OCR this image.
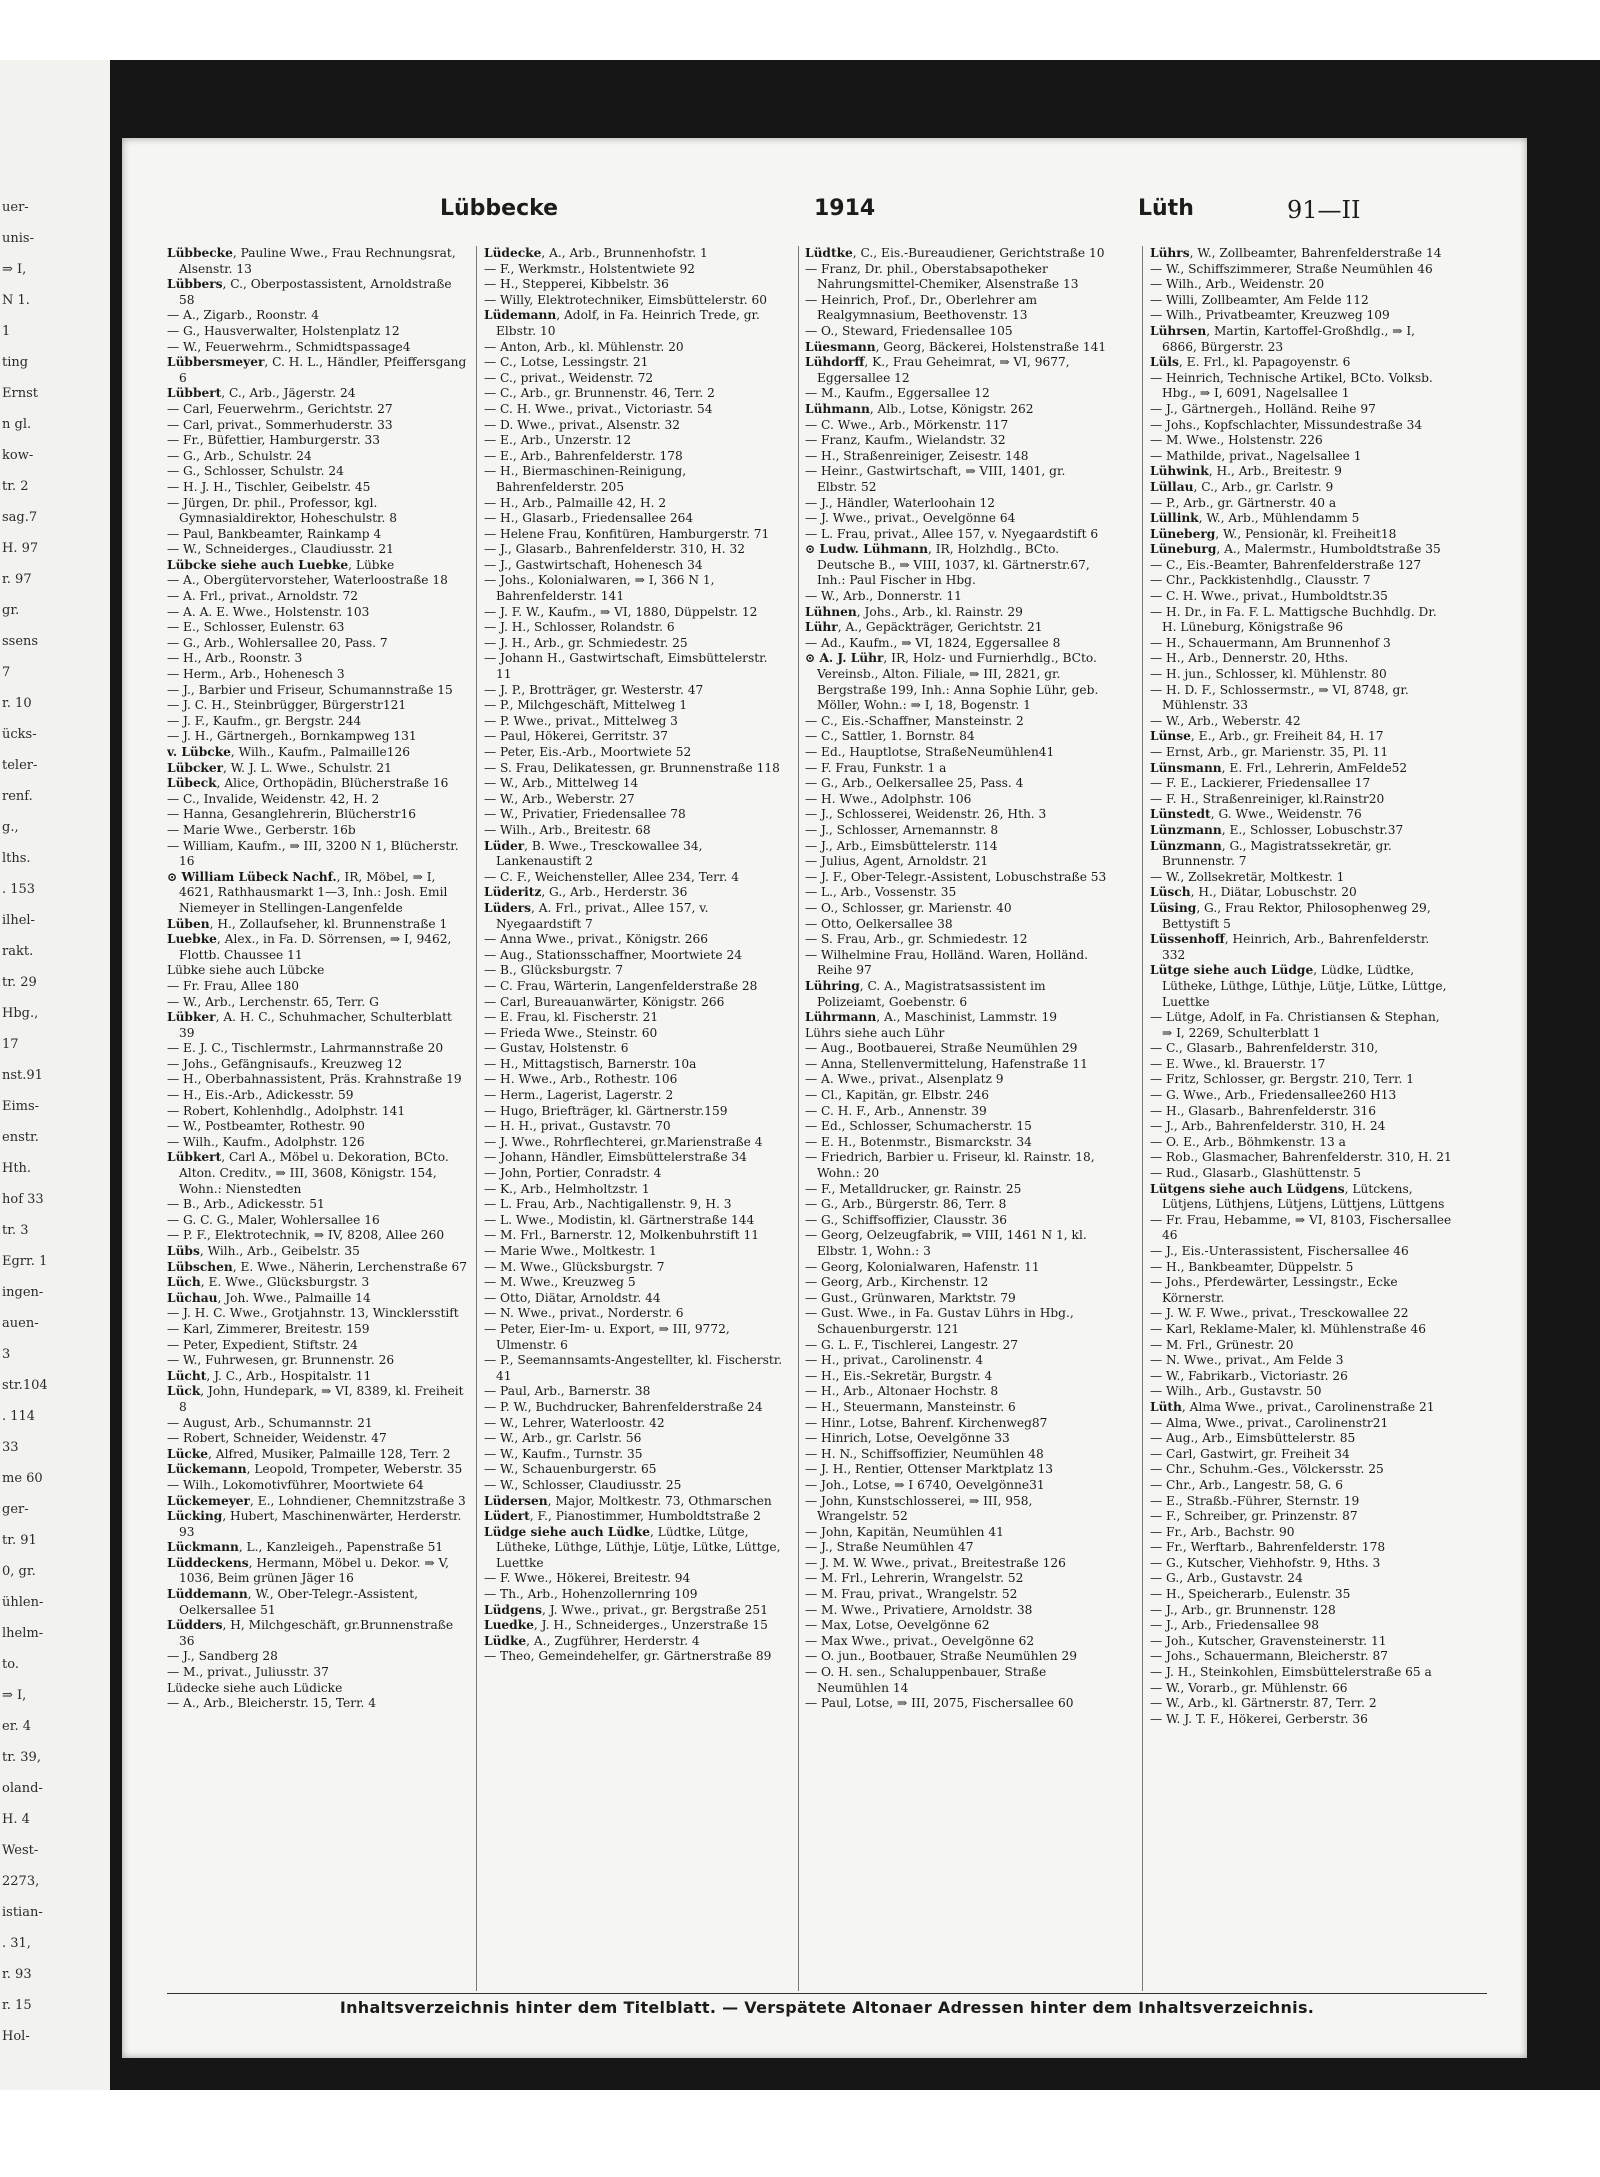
uer-
unis-
⇒ I,
N 1.
1
ting
Ernst
n gl.
kow-
tr. 2
sag.7
H. 97
r. 97
gr.
ssens
7
r. 10
ücks-
teler-
renf.
g.,
lths.
. 153
ilhel-
rakt.
tr. 29
Hbg.,
17
nst.91
Eims-
enstr.
Hth.
hof 33
tr. 3
Egrr. 1
ingen-
auen-
3
str.104
. 114
33
me 60
ger-
tr. 91
0, gr.
ühlen-
lhelm-
to.
⇒ I,
er. 4
tr. 39,
oland-
H. 4
West-
2273,
istian-
. 31,
r. 93
r. 15
Hol-
Lübbecke	1914	Lüth	91—II

Lübbecke, Pauline Wwe., Frau Rechnungsrat, Alsenstr. 13

Lübbers, C., Oberpostassistent, Arnoldstraße 58

— A., Zigarb., Roonstr. 4

— G., Hausverwalter, Holstenplatz 12

— W., Feuerwehrm., Schmidtspassage4

Lübbersmeyer, C. H. L., Händler, Pfeiffersgang 6

Lübbert, C., Arb., Jägerstr. 24

— Carl, Feuerwehrm., Gerichtstr. 27

— Carl, privat., Sommerhuderstr. 33

— Fr., Büfettier, Hamburgerstr. 33

— G., Arb., Schulstr. 24

— G., Schlosser, Schulstr. 24

— H. J. H., Tischler, Geibelstr. 45

— Jürgen, Dr. phil., Professor, kgl. Gymnasialdirektor, Hoheschulstr. 8

— Paul, Bankbeamter, Rainkamp 4

— W., Schneiderges., Claudiusstr. 21

Lübcke siehe auch Luebke, Lübke

— A., Obergütervorsteher, Waterloostraße 18

— A. Frl., privat., Arnoldstr. 72

— A. A. E. Wwe., Holstenstr. 103

— E., Schlosser, Eulenstr. 63

— G., Arb., Wohlersallee 20, Pass. 7

— H., Arb., Roonstr. 3

— Herm., Arb., Hohenesch 3

— J., Barbier und Friseur, Schumannstraße 15

— J. C. H., Steinbrügger, Bürgerstr121

— J. F., Kaufm., gr. Bergstr. 244

— J. H., Gärtnergeh., Bornkampweg 131

v. Lübcke, Wilh., Kaufm., Palmaille126

Lübcker, W. J. L. Wwe., Schulstr. 21

Lübeck, Alice, Orthopädin, Blücherstraße 16

— C., Invalide, Weidenstr. 42, H. 2

— Hanna, Gesanglehrerin, Blücherstr16

— Marie Wwe., Gerberstr. 16b

— William, Kaufm., ⇒ III, 3200 N 1, Blücherstr. 16

⊙ William Lübeck Nachf., IR, Möbel, ⇒ I, 4621, Rathhausmarkt 1—3, Inh.: Josh. Emil Niemeyer in Stellingen-Langenfelde

Lüben, H., Zollaufseher, kl. Brunnenstraße 1

Luebke, Alex., in Fa. D. Sörrensen, ⇒ I, 9462, Flottb. Chaussee 11

Lübke siehe auch Lübcke

— Fr. Frau, Allee 180

— W., Arb., Lerchenstr. 65, Terr. G

Lübker, A. H. C., Schuhmacher, Schulterblatt 39

— E. J. C., Tischlermstr., Lahrmannstraße 20

— Johs., Gefängnisaufs., Kreuzweg 12

— H., Oberbahnassistent, Präs. Krahnstraße 19

— H., Eis.-Arb., Adickesstr. 59

— Robert, Kohlenhdlg., Adolphstr. 141

— W., Postbeamter, Rothestr. 90

— Wilh., Kaufm., Adolphstr. 126

Lübkert, Carl A., Möbel u. Dekoration, BCto. Alton. Creditv., ⇒ III, 3608, Königstr. 154, Wohn.: Nienstedten

— B., Arb., Adickesstr. 51

— G. C. G., Maler, Wohlersallee 16

— P. F., Elektrotechnik, ⇒ IV, 8208, Allee 260

Lübs, Wilh., Arb., Geibelstr. 35

Lübschen, E. Wwe., Näherin, Lerchenstraße 67

Lüch, E. Wwe., Glücksburgstr. 3

Lüchau, Joh. Wwe., Palmaille 14

— J. H. C. Wwe., Grotjahnstr. 13, Wincklersstift

— Karl, Zimmerer, Breitestr. 159

— Peter, Expedient, Stiftstr. 24

— W., Fuhrwesen, gr. Brunnenstr. 26

Lücht, J. C., Arb., Hospitalstr. 11

Lück, John, Hundepark, ⇒ VI, 8389, kl. Freiheit 8

— August, Arb., Schumannstr. 21

— Robert, Schneider, Weidenstr. 47

Lücke, Alfred, Musiker, Palmaille 128, Terr. 2

Lückemann, Leopold, Trompeter, Weberstr. 35

— Wilh., Lokomotivführer, Moortwiete 64

Lückemeyer, E., Lohndiener, Chemnitzstraße 3

Lücking, Hubert, Maschinenwärter, Herderstr. 93

Lückmann, L., Kanzleigeh., Papenstraße 51

Lüddeckens, Hermann, Möbel u. Dekor. ⇒ V, 1036, Beim grünen Jäger 16

Lüddemann, W., Ober-Telegr.-Assistent, Oelkersallee 51

Lüdders, H, Milchgeschäft, gr.Brunnenstraße 36

— J., Sandberg 28

— M., privat., Juliusstr. 37

Lüdecke siehe auch Lüdicke

— A., Arb., Bleicherstr. 15, Terr. 4

Lüdecke, A., Arb., Brunnenhofstr. 1

— F., Werkmstr., Holstentwiete 92

— H., Stepperei, Kibbelstr. 36

— Willy, Elektrotechniker, Eimsbüttelerstr. 60

Lüdemann, Adolf, in Fa. Heinrich Trede, gr. Elbstr. 10

— Anton, Arb., kl. Mühlenstr. 20

— C., Lotse, Lessingstr. 21

— C., privat., Weidenstr. 72

— C., Arb., gr. Brunnenstr. 46, Terr. 2

— C. H. Wwe., privat., Victoriastr. 54

— D. Wwe., privat., Alsenstr. 32

— E., Arb., Unzerstr. 12

— E., Arb., Bahrenfelderstr. 178

— H., Biermaschinen-Reinigung, Bahrenfelderstr. 205

— H., Arb., Palmaille 42, H. 2

— H., Glasarb., Friedensallee 264

— Helene Frau, Konfitüren, Hamburgerstr. 71

— J., Glasarb., Bahrenfelderstr. 310, H. 32

— J., Gastwirtschaft, Hohenesch 34

— Johs., Kolonialwaren, ⇒ I, 366 N 1, Bahrenfelderstr. 141

— J. F. W., Kaufm., ⇒ VI, 1880, Düppelstr. 12

— J. H., Schlosser, Rolandstr. 6

— J. H., Arb., gr. Schmiedestr. 25

— Johann H., Gastwirtschaft, Eimsbüttelerstr. 11

— J. P., Brotträger, gr. Westerstr. 47

— P., Milchgeschäft, Mittelweg 1

— P. Wwe., privat., Mittelweg 3

— Paul, Hökerei, Gerritstr. 37

— Peter, Eis.-Arb., Moortwiete 52

— S. Frau, Delikatessen, gr. Brunnenstraße 118

— W., Arb., Mittelweg 14

— W., Arb., Weberstr. 27

— W., Privatier, Friedensallee 78

— Wilh., Arb., Breitestr. 68

Lüder, B. Wwe., Tresckowallee 34, Lankenaustift 2

— C. F., Weichensteller, Allee 234, Terr. 4

Lüderitz, G., Arb., Herderstr. 36

Lüders, A. Frl., privat., Allee 157, v. Nyegaardstift 7

— Anna Wwe., privat., Königstr. 266

— Aug., Stationsschaffner, Moortwiete 24

— B., Glücksburgstr. 7

— C. Frau, Wärterin, Langenfelderstraße 28

— Carl, Bureauanwärter, Königstr. 266

— E. Frau, kl. Fischerstr. 21

— Frieda Wwe., Steinstr. 60

— Gustav, Holstenstr. 6

— H., Mittagstisch, Barnerstr. 10a

— H. Wwe., Arb., Rothestr. 106

— Herm., Lagerist, Lagerstr. 2

— Hugo, Briefträger, kl. Gärtnerstr.159

— H. H., privat., Gustavstr. 70

— J. Wwe., Rohrflechterei, gr.Marienstraße 4

— Johann, Händler, Eimsbüttelerstraße 34

— John, Portier, Conradstr. 4

— K., Arb., Helmholtzstr. 1

— L. Frau, Arb., Nachtigallenstr. 9, H. 3

— L. Wwe., Modistin, kl. Gärtnerstraße 144

— M. Frl., Barnerstr. 12, Molkenbuhrstift 11

— Marie Wwe., Moltkestr. 1

— M. Wwe., Glücksburgstr. 7

— M. Wwe., Kreuzweg 5

— Otto, Diätar, Arnoldstr. 44

— N. Wwe., privat., Norderstr. 6

— Peter, Eier-Im- u. Export, ⇒ III, 9772, Ulmenstr. 6

— P., Seemannsamts-Angestellter, kl. Fischerstr. 41

— Paul, Arb., Barnerstr. 38

— P. W., Buchdrucker, Bahrenfelderstraße 24

— W., Lehrer, Waterloostr. 42

— W., Arb., gr. Carlstr. 56

— W., Kaufm., Turnstr. 35

— W., Schauenburgerstr. 65

— W., Schlosser, Claudiusstr. 25

Lüdersen, Major, Moltkestr. 73, Othmarschen

Lüdert, F., Pianostimmer, Humboldtstraße 2

Lüdge siehe auch Lüdke, Lüdtke, Lütge, Lütheke, Lüthge, Lüthje, Lütje, Lütke, Lüttge, Luettke

— F. Wwe., Hökerei, Breitestr. 94

— Th., Arb., Hohenzollernring 109

Lüdgens, J. Wwe., privat., gr. Bergstraße 251

Luedke, J. H., Schneiderges., Unzerstraße 15

Lüdke, A., Zugführer, Herderstr. 4

— Theo, Gemeindehelfer, gr. Gärtnerstraße 89

Lüdtke, C., Eis.-Bureaudiener, Gerichtstraße 10

— Franz, Dr. phil., Oberstabsapotheker Nahrungsmittel-Chemiker, Alsenstraße 13

— Heinrich, Prof., Dr., Oberlehrer am Realgymnasium, Beethovenstr. 13

— O., Steward, Friedensallee 105

Lüesmann, Georg, Bäckerei, Holstenstraße 141

Lühdorff, K., Frau Geheimrat, ⇒ VI, 9677, Eggersallee 12

— M., Kaufm., Eggersallee 12

Lühmann, Alb., Lotse, Königstr. 262

— C. Wwe., Arb., Mörkenstr. 117

— Franz, Kaufm., Wielandstr. 32

— H., Straßenreiniger, Zeisestr. 148

— Heinr., Gastwirtschaft, ⇒ VIII, 1401, gr. Elbstr. 52

— J., Händler, Waterloohain 12

— J. Wwe., privat., Oevelgönne 64

— L. Frau, privat., Allee 157, v. Nyegaardstift 6

⊙ Ludw. Lühmann, IR, Holzhdlg., BCto. Deutsche B., ⇒ VIII, 1037, kl. Gärtnerstr.67, Inh.: Paul Fischer in Hbg.

— W., Arb., Donnerstr. 11

Lühnen, Johs., Arb., kl. Rainstr. 29

Lühr, A., Gepäckträger, Gerichtstr. 21

— Ad., Kaufm., ⇒ VI, 1824, Eggersallee 8

⊙ A. J. Lühr, IR, Holz- und Furnierhdlg., BCto. Vereinsb., Alton. Filiale, ⇒ III, 2821, gr. Bergstraße 199, Inh.: Anna Sophie Lühr, geb. Möller, Wohn.: ⇒ I, 18, Bogenstr. 1

— C., Eis.-Schaffner, Mansteinstr. 2

— C., Sattler, 1. Bornstr. 84

— Ed., Hauptlotse, StraßeNeumühlen41

— F. Frau, Funkstr. 1 a

— G., Arb., Oelkersallee 25, Pass. 4

— H. Wwe., Adolphstr. 106

— J., Schlosserei, Weidenstr. 26, Hth. 3

— J., Schlosser, Arnemannstr. 8

— J., Arb., Eimsbüttelerstr. 114

— Julius, Agent, Arnoldstr. 21

— J. F., Ober-Telegr.-Assistent, Lobuschstraße 53

— L., Arb., Vossenstr. 35

— O., Schlosser, gr. Marienstr. 40

— Otto, Oelkersallee 38

— S. Frau, Arb., gr. Schmiedestr. 12

— Wilhelmine Frau, Holländ. Waren, Holländ. Reihe 97

Lühring, C. A., Magistratsassistent im Polizeiamt, Goebenstr. 6

Lührmann, A., Maschinist, Lammstr. 19

Lührs siehe auch Lühr

— Aug., Bootbauerei, Straße Neumühlen 29

— Anna, Stellenvermittelung, Hafenstraße 11

— A. Wwe., privat., Alsenplatz 9

— Cl., Kapitän, gr. Elbstr. 246

— C. H. F., Arb., Annenstr. 39

— Ed., Schlosser, Schumacherstr. 15

— E. H., Botenmstr., Bismarckstr. 34

— Friedrich, Barbier u. Friseur, kl. Rainstr. 18, Wohn.: 20

— F., Metalldrucker, gr. Rainstr. 25

— G., Arb., Bürgerstr. 86, Terr. 8

— G., Schiffsoffizier, Clausstr. 36

— Georg, Oelzeugfabrik, ⇒ VIII, 1461 N 1, kl. Elbstr. 1, Wohn.: 3

— Georg, Kolonialwaren, Hafenstr. 11

— Georg, Arb., Kirchenstr. 12

— Gust., Grünwaren, Marktstr. 79

— Gust. Wwe., in Fa. Gustav Lührs in Hbg., Schauenburgerstr. 121

— G. L. F., Tischlerei, Langestr. 27

— H., privat., Carolinenstr. 4

— H., Eis.-Sekretär, Burgstr. 4

— H., Arb., Altonaer Hochstr. 8

— H., Steuermann, Mansteinstr. 6

— Hinr., Lotse, Bahrenf. Kirchenweg87

— Hinrich, Lotse, Oevelgönne 33

— H. N., Schiffsoffizier, Neumühlen 48

— J. H., Rentier, Ottenser Marktplatz 13

— Joh., Lotse, ⇒ I 6740, Oevelgönne31

— John, Kunstschlosserei, ⇒ III, 958, Wrangelstr. 52

— John, Kapitän, Neumühlen 41

— J., Straße Neumühlen 47

— J. M. W. Wwe., privat., Breitestraße 126

— M. Frl., Lehrerin, Wrangelstr. 52

— M. Frau, privat., Wrangelstr. 52

— M. Wwe., Privatiere, Arnoldstr. 38

— Max, Lotse, Oevelgönne 62

— Max Wwe., privat., Oevelgönne 62

— O. jun., Bootbauer, Straße Neumühlen 29

— O. H. sen., Schaluppenbauer, Straße Neumühlen 14

— Paul, Lotse, ⇒ III, 2075, Fischersallee 60

Lührs, W., Zollbeamter, Bahrenfelderstraße 14

— W., Schiffszimmerer, Straße Neumühlen 46

— Wilh., Arb., Weidenstr. 20

— Willi, Zollbeamter, Am Felde 112

— Wilh., Privatbeamter, Kreuzweg 109

Lührsen, Martin, Kartoffel-Großhdlg., ⇒ I, 6866, Bürgerstr. 23

Lüls, E. Frl., kl. Papagoyenstr. 6

— Heinrich, Technische Artikel, BCto. Volksb. Hbg., ⇒ I, 6091, Nagelsallee 1

— J., Gärtnergeh., Holländ. Reihe 97

— Johs., Kopfschlachter, Missundestraße 34

— M. Wwe., Holstenstr. 226

— Mathilde, privat., Nagelsallee 1

Lühwink, H., Arb., Breitestr. 9

Lüllau, C., Arb., gr. Carlstr. 9

— P., Arb., gr. Gärtnerstr. 40 a

Lüllink, W., Arb., Mühlendamm 5

Lüneberg, W., Pensionär, kl. Freiheit18

Lüneburg, A., Malermstr., Humboldtstraße 35

— C., Eis.-Beamter, Bahrenfelderstraße 127

— Chr., Packkistenhdlg., Clausstr. 7

— C. H. Wwe., privat., Humboldtstr.35

— H. Dr., in Fa. F. L. Mattigsche Buchhdlg. Dr. H. Lüneburg, Königstraße 96

— H., Schauermann, Am Brunnenhof 3

— H., Arb., Dennerstr. 20, Hths.

— H. jun., Schlosser, kl. Mühlenstr. 80

— H. D. F., Schlossermstr., ⇒ VI, 8748, gr. Mühlenstr. 33

— W., Arb., Weberstr. 42

Lünse, E., Arb., gr. Freiheit 84, H. 17

— Ernst, Arb., gr. Marienstr. 35, Pl. 11

Lünsmann, E. Frl., Lehrerin, AmFelde52

— F. E., Lackierer, Friedensallee 17

— F. H., Straßenreiniger, kl.Rainstr20

Lünstedt, G. Wwe., Weidenstr. 76

Lünzmann, E., Schlosser, Lobuschstr.37

Lünzmann, G., Magistratssekretär, gr. Brunnenstr. 7

— W., Zollsekretär, Moltkestr. 1

Lüsch, H., Diätar, Lobuschstr. 20

Lüsing, G., Frau Rektor, Philosophenweg 29, Bettystift 5

Lüssenhoff, Heinrich, Arb., Bahrenfelderstr. 332

Lütge siehe auch Lüdge, Lüdke, Lüdtke, Lütheke, Lüthge, Lüthje, Lütje, Lütke, Lüttge, Luettke

— Lütge, Adolf, in Fa. Christiansen & Stephan, ⇒ I, 2269, Schulterblatt 1

— C., Glasarb., Bahrenfelderstr. 310,

— E. Wwe., kl. Brauerstr. 17

— Fritz, Schlosser, gr. Bergstr. 210, Terr. 1

— G. Wwe., Arb., Friedensallee260 H13

— H., Glasarb., Bahrenfelderstr. 316

— J., Arb., Bahrenfelderstr. 310, H. 24

— O. E., Arb., Böhmkenstr. 13 a

— Rob., Glasmacher, Bahrenfelderstr. 310, H. 21

— Rud., Glasarb., Glashüttenstr. 5

Lütgens siehe auch Lüdgens, Lütckens, Lütjens, Lüthjens, Lütjens, Lüttjens, Lüttgens

— Fr. Frau, Hebamme, ⇒ VI, 8103, Fischersallee 46

— J., Eis.-Unterassistent, Fischersallee 46

— H., Bankbeamter, Düppelstr. 5

— Johs., Pferdewärter, Lessingstr., Ecke Körnerstr.

— J. W. F. Wwe., privat., Tresckowallee 22

— Karl, Reklame-Maler, kl. Mühlenstraße 46

— M. Frl., Grünestr. 20

— N. Wwe., privat., Am Felde 3

— W., Fabrikarb., Victoriastr. 26

— Wilh., Arb., Gustavstr. 50

Lüth, Alma Wwe., privat., Carolinenstraße 21

— Alma, Wwe., privat., Carolinenstr21

— Aug., Arb., Eimsbüttelerstr. 85

— Carl, Gastwirt, gr. Freiheit 34

— Chr., Schuhm.-Ges., Völckersstr. 25

— Chr., Arb., Langestr. 58, G. 6

— E., Straßb.-Führer, Sternstr. 19

— F., Schreiber, gr. Prinzenstr. 87

— Fr., Arb., Bachstr. 90

— Fr., Werftarb., Bahrenfelderstr. 178

— G., Kutscher, Viehhofstr. 9, Hths. 3

— G., Arb., Gustavstr. 24

— H., Speicherarb., Eulenstr. 35

— J., Arb., gr. Brunnenstr. 128

— J., Arb., Friedensallee 98

— Joh., Kutscher, Gravensteinerstr. 11

— Johs., Schauermann, Bleicherstr. 87

— J. H., Steinkohlen, Eimsbüttelerstraße 65 a

— W., Vorarb., gr. Mühlenstr. 66

— W., Arb., kl. Gärtnerstr. 87, Terr. 2

— W. J. T. F., Hökerei, Gerberstr. 36

Inhaltsverzeichnis hinter dem Titelblatt. — Verspätete Altonaer Adressen hinter dem Inhaltsverzeichnis.
